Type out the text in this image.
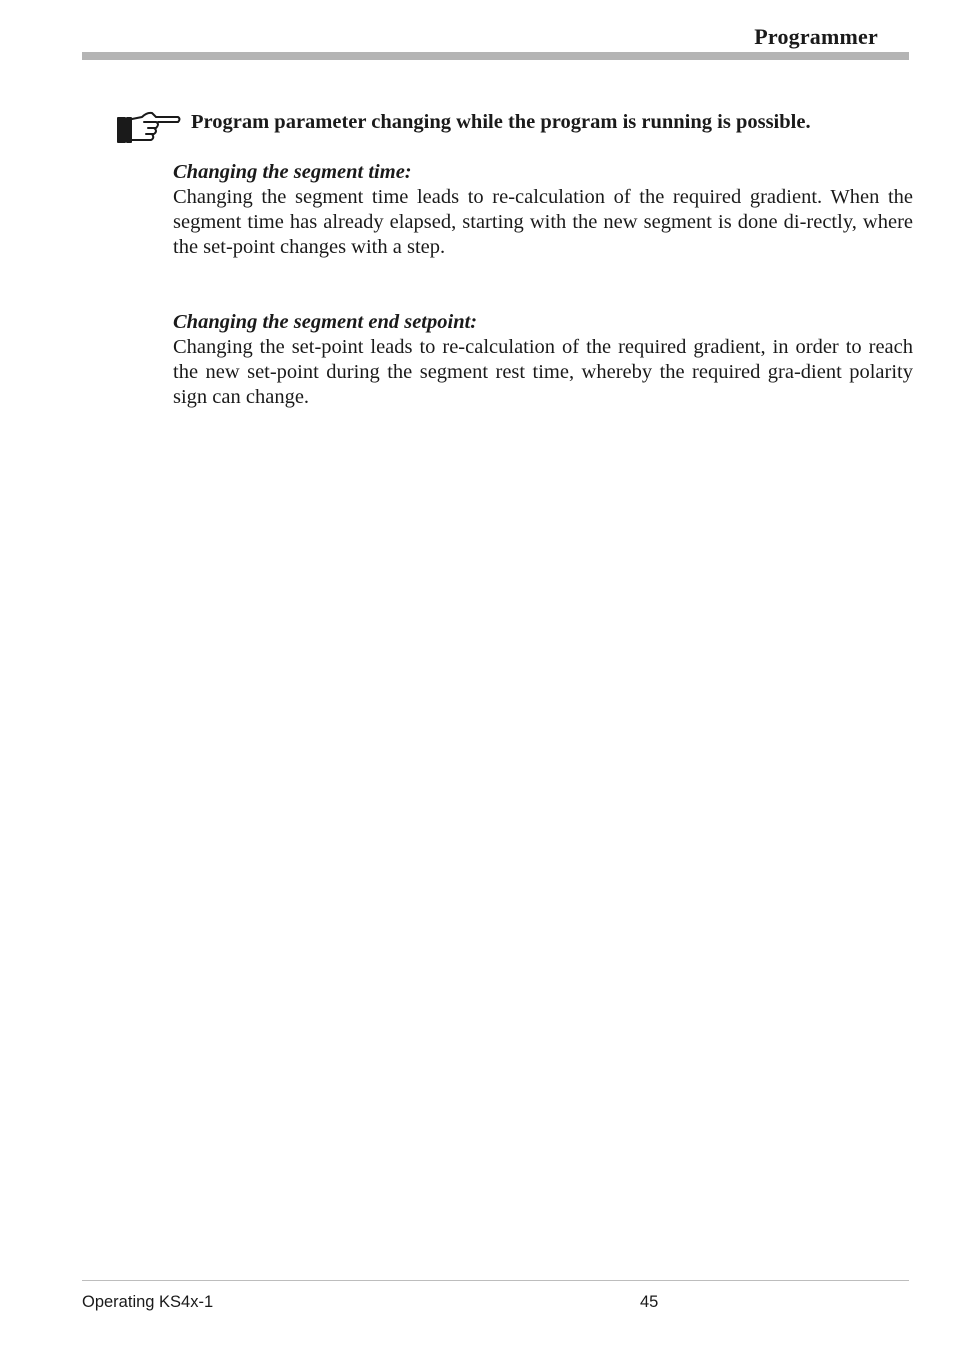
Programmer
Program parameter changing while the program is running is possible.
Changing the segment time:
Changing the segment time leads to re-calculation of the required gradient. When the segment time has already elapsed, starting with the new segment is done di-rectly, where the set-point changes with a step.
Changing the segment end setpoint:
Changing the set-point leads to re-calculation of the required gradient, in order to reach the new set-point during the segment rest time, whereby the required gra-dient polarity sign can change.
Operating KS4x-1	45
